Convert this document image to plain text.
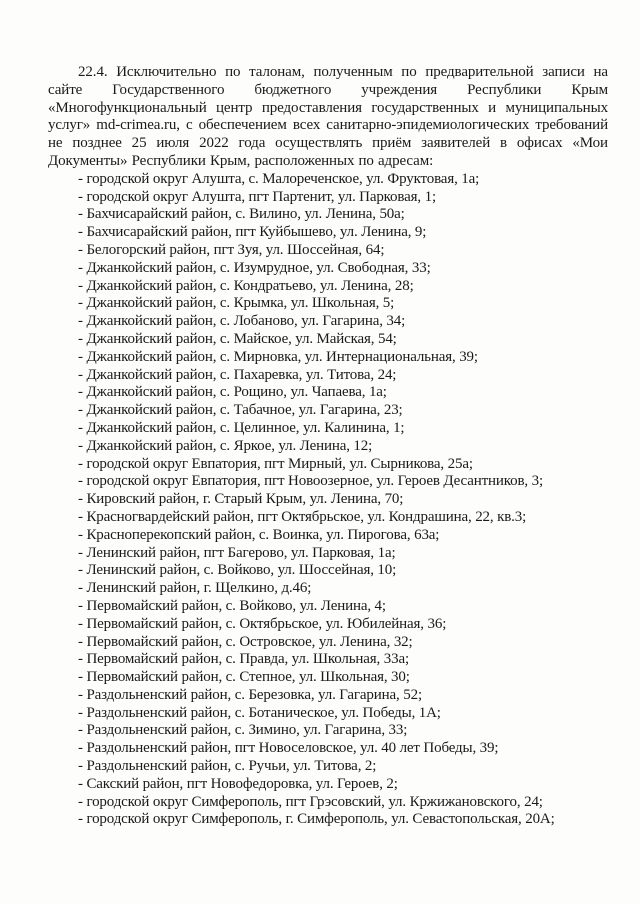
22.4. Исключительно по талонам, полученным по предварительной записи на сайте Государственного бюджетного учреждения Республики Крым «Многофункциональный центр предоставления государственных и муниципальных услуг» md-crimea.ru, с обеспечением всех санитарно-эпидемиологических требований не позднее 25 июля 2022 года осуществлять приём заявителей в офисах «Мои Документы» Республики Крым, расположенных по адресам:

- городской округ Алушта, с. Малореченское, ул. Фруктовая, 1а;
- городской округ Алушта, пгт Партенит, ул. Парковая, 1;
- Бахчисарайский район, с. Вилино, ул. Ленина, 50а;
- Бахчисарайский район, пгт Куйбышево, ул. Ленина, 9;
- Белогорский район, пгт Зуя, ул. Шоссейная, 64;
- Джанкойский район, с. Изумрудное, ул. Свободная, 33;
- Джанкойский район, с. Кондратьево, ул. Ленина, 28;
- Джанкойский район, с. Крымка, ул. Школьная, 5;
- Джанкойский район, с. Лобаново, ул. Гагарина, 34;
- Джанкойский район, с. Майское, ул. Майская, 54;
- Джанкойский район, с. Мирновка, ул. Интернациональная, 39;
- Джанкойский район, с. Пахаревка, ул. Титова, 24;
- Джанкойский район, с. Рощино, ул. Чапаева, 1а;
- Джанкойский район, с. Табачное, ул. Гагарина, 23;
- Джанкойский район, с. Целинное, ул. Калинина, 1;
- Джанкойский район, с. Яркое, ул. Ленина, 12;
- городской округ Евпатория, пгт Мирный, ул. Сырникова, 25а;
- городской округ Евпатория, пгт Новоозерное, ул. Героев Десантников, 3;
- Кировский район, г. Старый Крым, ул. Ленина, 70;
- Красногвардейский район, пгт Октябрьское, ул. Кондрашина, 22, кв.3;
- Красноперекопский район, с. Воинка, ул. Пирогова, 63а;
- Ленинский район, пгт Багерово, ул. Парковая, 1а;
- Ленинский район, с. Войково, ул. Шоссейная, 10;
- Ленинский район, г. Щелкино, д.46;
- Первомайский район, с. Войково, ул. Ленина, 4;
- Первомайский район, с. Октябрьское, ул. Юбилейная, 36;
- Первомайский район, с. Островское, ул. Ленина, 32;
- Первомайский район, с. Правда, ул. Школьная, 33а;
- Первомайский район, с. Степное, ул. Школьная, 30;
- Раздольненский район, с. Березовка, ул. Гагарина, 52;
- Раздольненский район, с. Ботаническое, ул. Победы, 1А;
- Раздольненский район, с. Зимино, ул. Гагарина, 33;
- Раздольненский район, пгт Новоселовское, ул. 40 лет Победы, 39;
- Раздольненский район, с. Ручьи, ул. Титова, 2;
- Сакский район, пгт Новофедоровка, ул. Героев, 2;
- городской округ Симферополь, пгт Грэсовский, ул. Кржижановского, 24;
- городской округ Симферополь, г. Симферополь, ул. Севастопольская, 20А;
